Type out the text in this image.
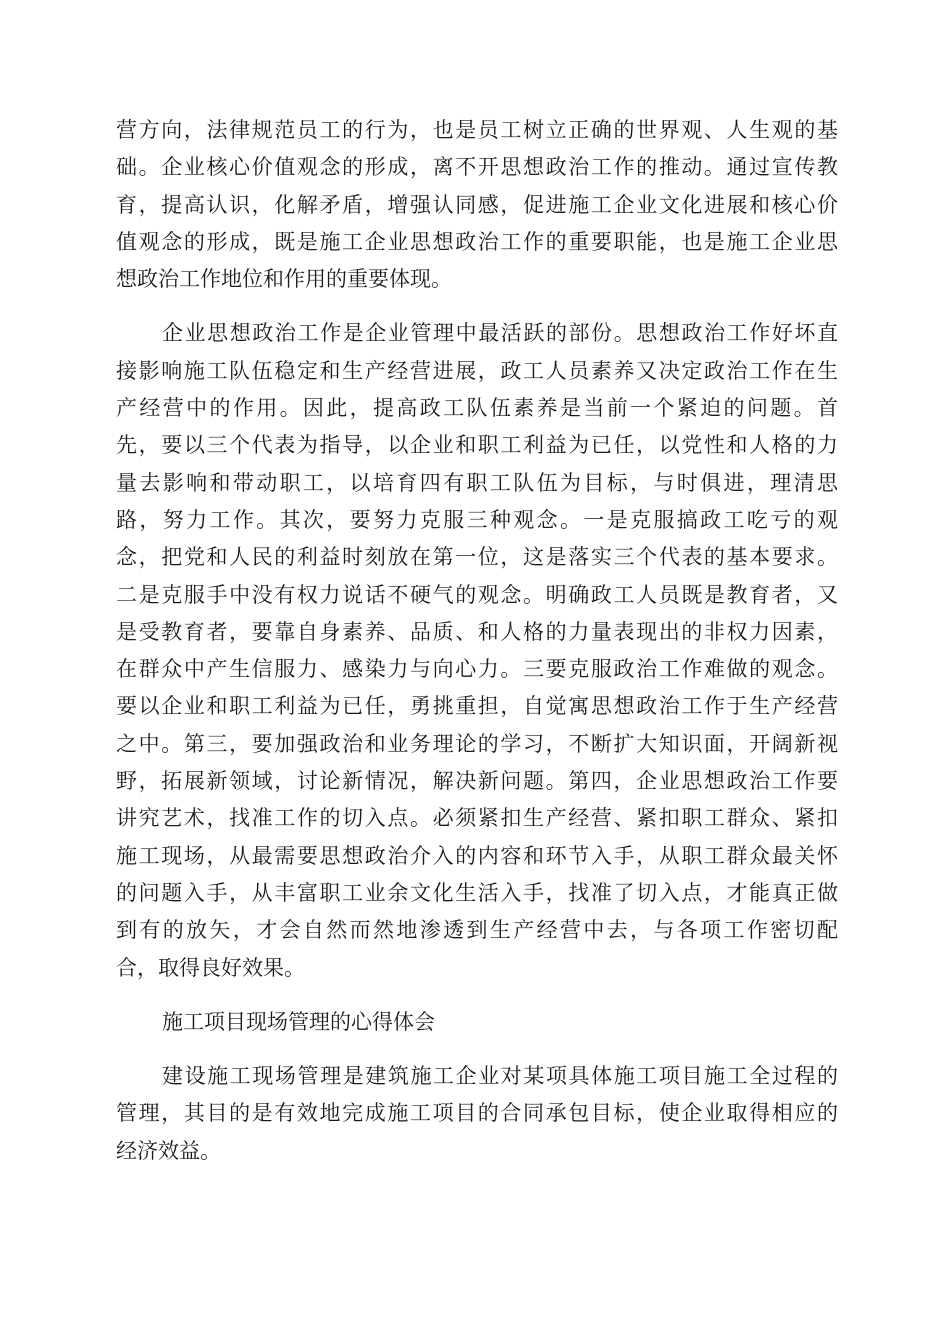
营方向，法律规范员工的行为，也是员工树立正确的世界观、人生观的基
础。企业核心价值观念的形成，离不开思想政治工作的推动。通过宣传教
育，提高认识，化解矛盾，增强认同感，促进施工企业文化进展和核心价
值观念的形成，既是施工企业思想政治工作的重要职能，也是施工企业思
想政治工作地位和作用的重要体现。
企业思想政治工作是企业管理中最活跃的部份。思想政治工作好坏直
接影响施工队伍稳定和生产经营进展，政工人员素养又决定政治工作在生
产经营中的作用。因此，提高政工队伍素养是当前一个紧迫的问题。首
先，要以三个代表为指导，以企业和职工利益为已任，以党性和人格的力
量去影响和带动职工，以培育四有职工队伍为目标，与时俱进，理清思
路，努力工作。其次，要努力克服三种观念。一是克服搞政工吃亏的观
念，把党和人民的利益时刻放在第一位，这是落实三个代表的基本要求。
二是克服手中没有权力说话不硬气的观念。明确政工人员既是教育者，又
是受教育者，要靠自身素养、品质、和人格的力量表现出的非权力因素，
在群众中产生信服力、感染力与向心力。三要克服政治工作难做的观念。
要以企业和职工利益为已任，勇挑重担，自觉寓思想政治工作于生产经营
之中。第三，要加强政治和业务理论的学习，不断扩大知识面，开阔新视
野，拓展新领域，讨论新情况，解决新问题。第四，企业思想政治工作要
讲究艺术，找准工作的切入点。必须紧扣生产经营、紧扣职工群众、紧扣
施工现场，从最需要思想政治介入的内容和环节入手，从职工群众最关怀
的问题入手，从丰富职工业余文化生活入手，找准了切入点，才能真正做
到有的放矢，才会自然而然地渗透到生产经营中去，与各项工作密切配
合，取得良好效果。
施工项目现场管理的心得体会
建设施工现场管理是建筑施工企业对某项具体施工项目施工全过程的
管理，其目的是有效地完成施工项目的合同承包目标，使企业取得相应的
经济效益。
